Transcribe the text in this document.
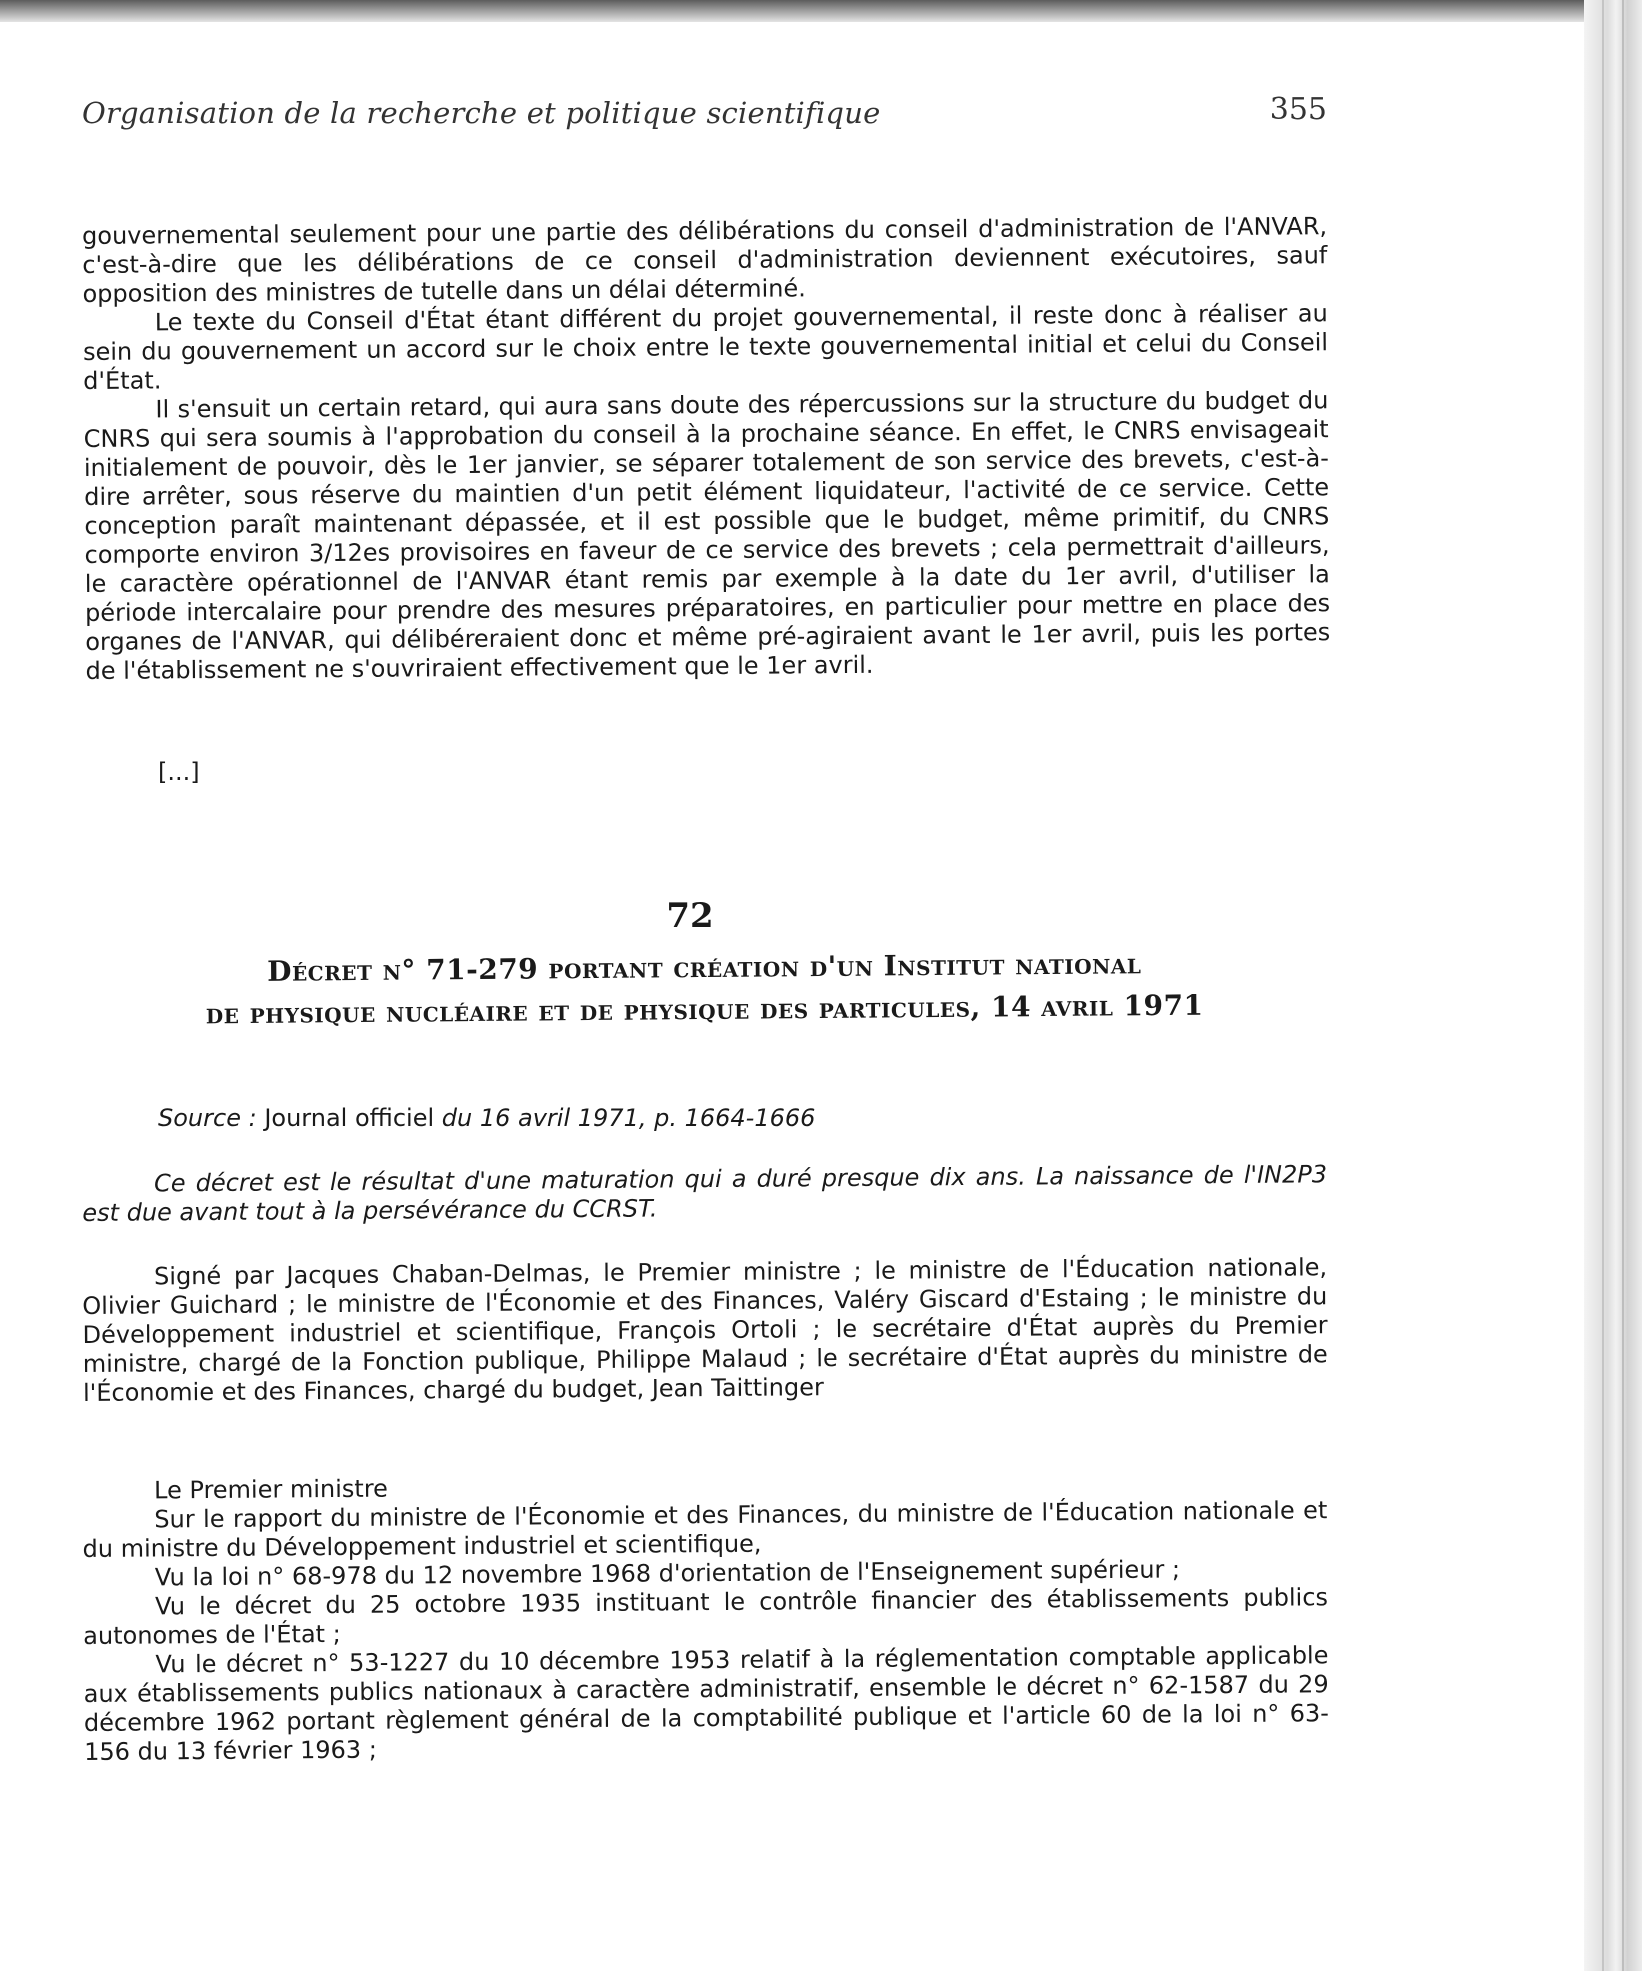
Organisation de la recherche et politique scientifique	355

gouvernemental seulement pour une partie des délibérations du conseil d'administration de l'ANVAR, c'est-à-dire que les délibérations de ce conseil d'administration deviennent exécutoires, sauf opposition des ministres de tutelle dans un délai déterminé.

Le texte du Conseil d'État étant différent du projet gouvernemental, il reste donc à réaliser au sein du gouvernement un accord sur le choix entre le texte gouvernemental initial et celui du Conseil d'État.

Il s'ensuit un certain retard, qui aura sans doute des répercussions sur la structure du budget du CNRS qui sera soumis à l'approbation du conseil à la prochaine séance. En effet, le CNRS envisageait initialement de pouvoir, dès le 1er janvier, se séparer totalement de son service des brevets, c'est-à-dire arrêter, sous réserve du maintien d'un petit élément liquidateur, l'activité de ce service. Cette conception paraît maintenant dépassée, et il est possible que le budget, même primitif, du CNRS comporte environ 3/12es provisoires en faveur de ce service des brevets ; cela permettrait d'ailleurs, le caractère opérationnel de l'ANVAR étant remis par exemple à la date du 1er avril, d'utiliser la période intercalaire pour prendre des mesures préparatoires, en particulier pour mettre en place des organes de l'ANVAR, qui délibéreraient donc et même pré-agiraient avant le 1er avril, puis les portes de l'établissement ne s'ouvriraient effectivement que le 1er avril.

[...]
72
Décret n° 71-279 portant création d'un Institut national
de physique nucléaire et de physique des particules, 14 avril 1971
Source : Journal officiel du 16 avril 1971, p. 1664-1666

Ce décret est le résultat d'une maturation qui a duré presque dix ans. La naissance de l'IN2P3 est due avant tout à la persévérance du CCRST.

Signé par Jacques Chaban-Delmas, le Premier ministre ; le ministre de l'Éducation nationale, Olivier Guichard ; le ministre de l'Économie et des Finances, Valéry Giscard d'Estaing ; le ministre du Développement industriel et scientifique, François Ortoli ; le secrétaire d'État auprès du Premier ministre, chargé de la Fonction publique, Philippe Malaud ; le secrétaire d'État auprès du ministre de l'Économie et des Finances, chargé du budget, Jean Taittinger

Le Premier ministre

Sur le rapport du ministre de l'Économie et des Finances, du ministre de l'Éducation nationale et du ministre du Développement industriel et scientifique,

Vu la loi n° 68-978 du 12 novembre 1968 d'orientation de l'Enseignement supérieur ;

Vu le décret du 25 octobre 1935 instituant le contrôle financier des établissements publics autonomes de l'État ;

Vu le décret n° 53-1227 du 10 décembre 1953 relatif à la réglementation comptable applicable aux établissements publics nationaux à caractère administratif, ensemble le décret n° 62-1587 du 29 décembre 1962 portant règlement général de la comptabilité publique et l'article 60 de la loi n° 63-156 du 13 février 1963 ;
